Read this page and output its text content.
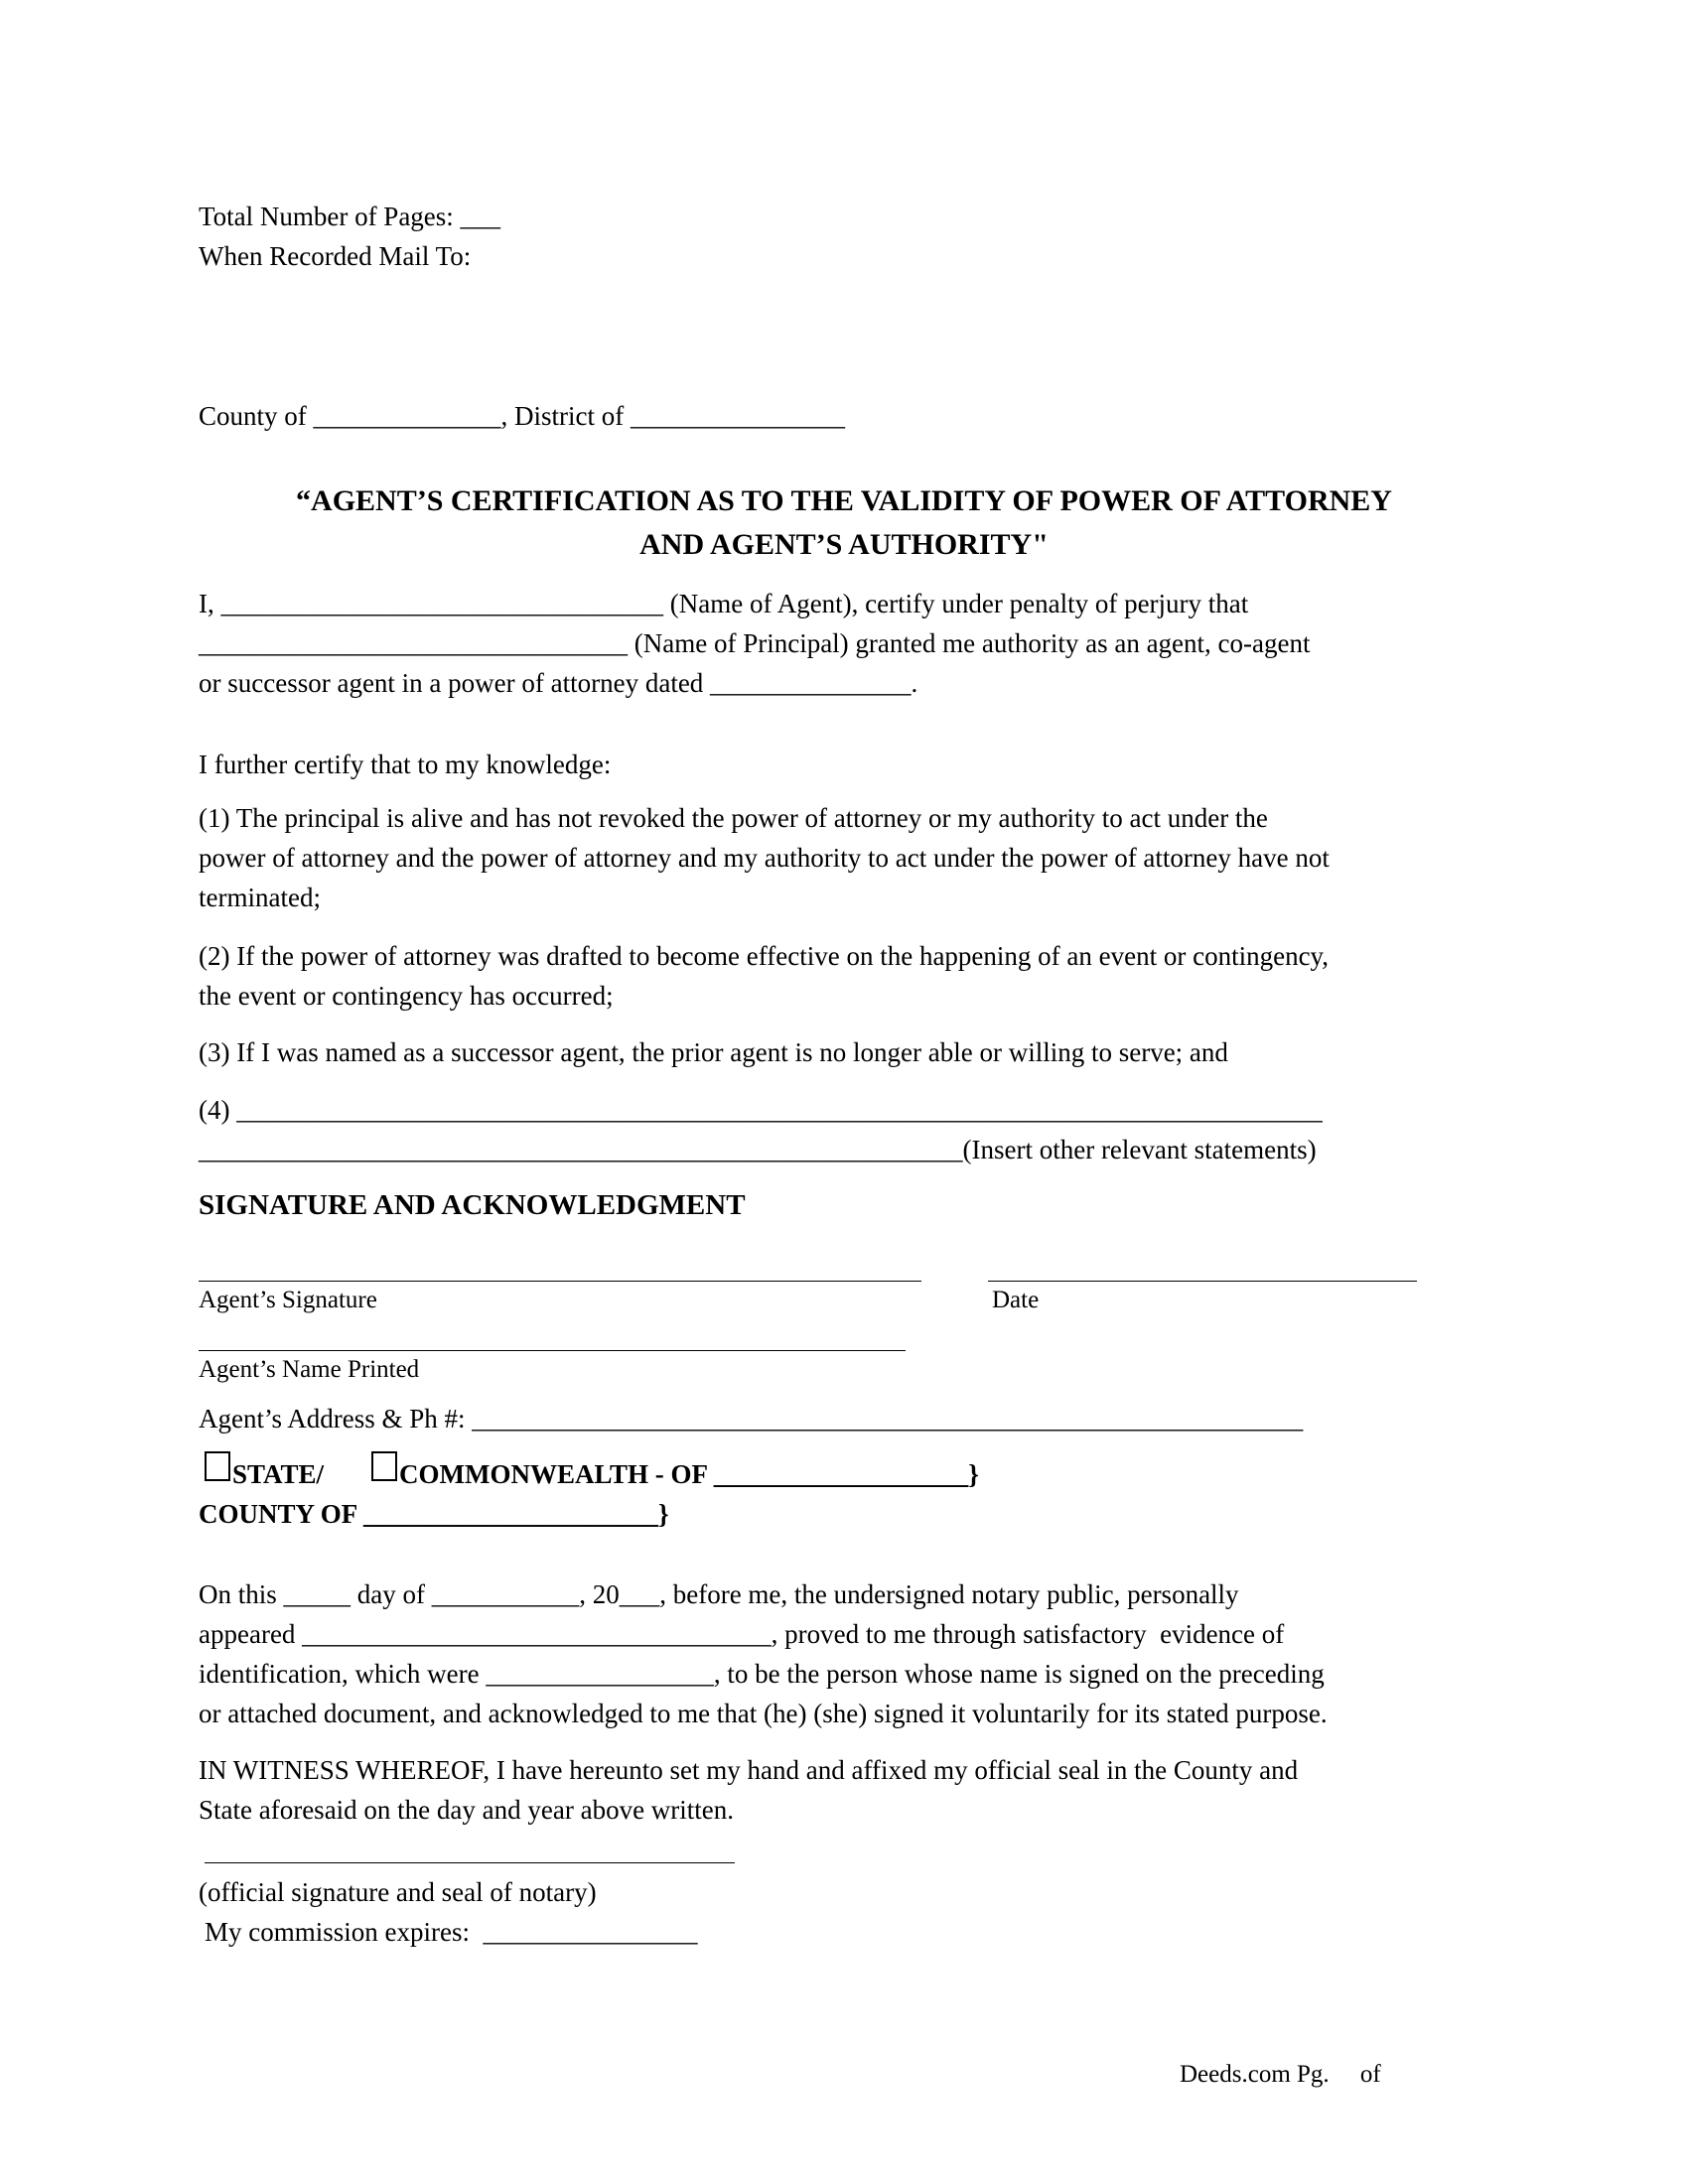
Total Number of Pages: ___
When Recorded Mail To:
County of ______________, District of ________________
“AGENT’S CERTIFICATION AS TO THE VALIDITY OF POWER OF ATTORNEY
AND AGENT’S AUTHORITY"
I, _________________________________ (Name of Agent), certify under penalty of perjury that
________________________________ (Name of Principal) granted me authority as an agent, co-agent
or successor agent in a power of attorney dated _______________.
I further certify that to my knowledge:
(1) The principal is alive and has not revoked the power of attorney or my authority to act under the
power of attorney and the power of attorney and my authority to act under the power of attorney have not
terminated;
(2) If the power of attorney was drafted to become effective on the happening of an event or contingency,
the event or contingency has occurred;
(3) If I was named as a successor agent, the prior agent is no longer able or willing to serve; and
(4) _________________________________________________________________________________
_________________________________________________________(Insert other relevant statements)
SIGNATURE AND ACKNOWLEDGMENT
Agent’s Signature	Date
Agent’s Name Printed
Agent’s Address & Ph #: ______________________________________________________________
STATE/	COMMONWEALTH - OF ___________________}
COUNTY OF ______________________}
On this _____ day of ___________, 20___, before me, the undersigned notary public, personally
appeared ___________________________________, proved to me through satisfactory  evidence of
identification, which were _________________, to be the person whose name is signed on the preceding
or attached document, and acknowledged to me that (he) (she) signed it voluntarily for its stated purpose.
IN WITNESS WHEREOF, I have hereunto set my hand and affixed my official seal in the County and
State aforesaid on the day and year above written.
(official signature and seal of notary)
My commission expires:  ________________
Deeds.com Pg.     of
